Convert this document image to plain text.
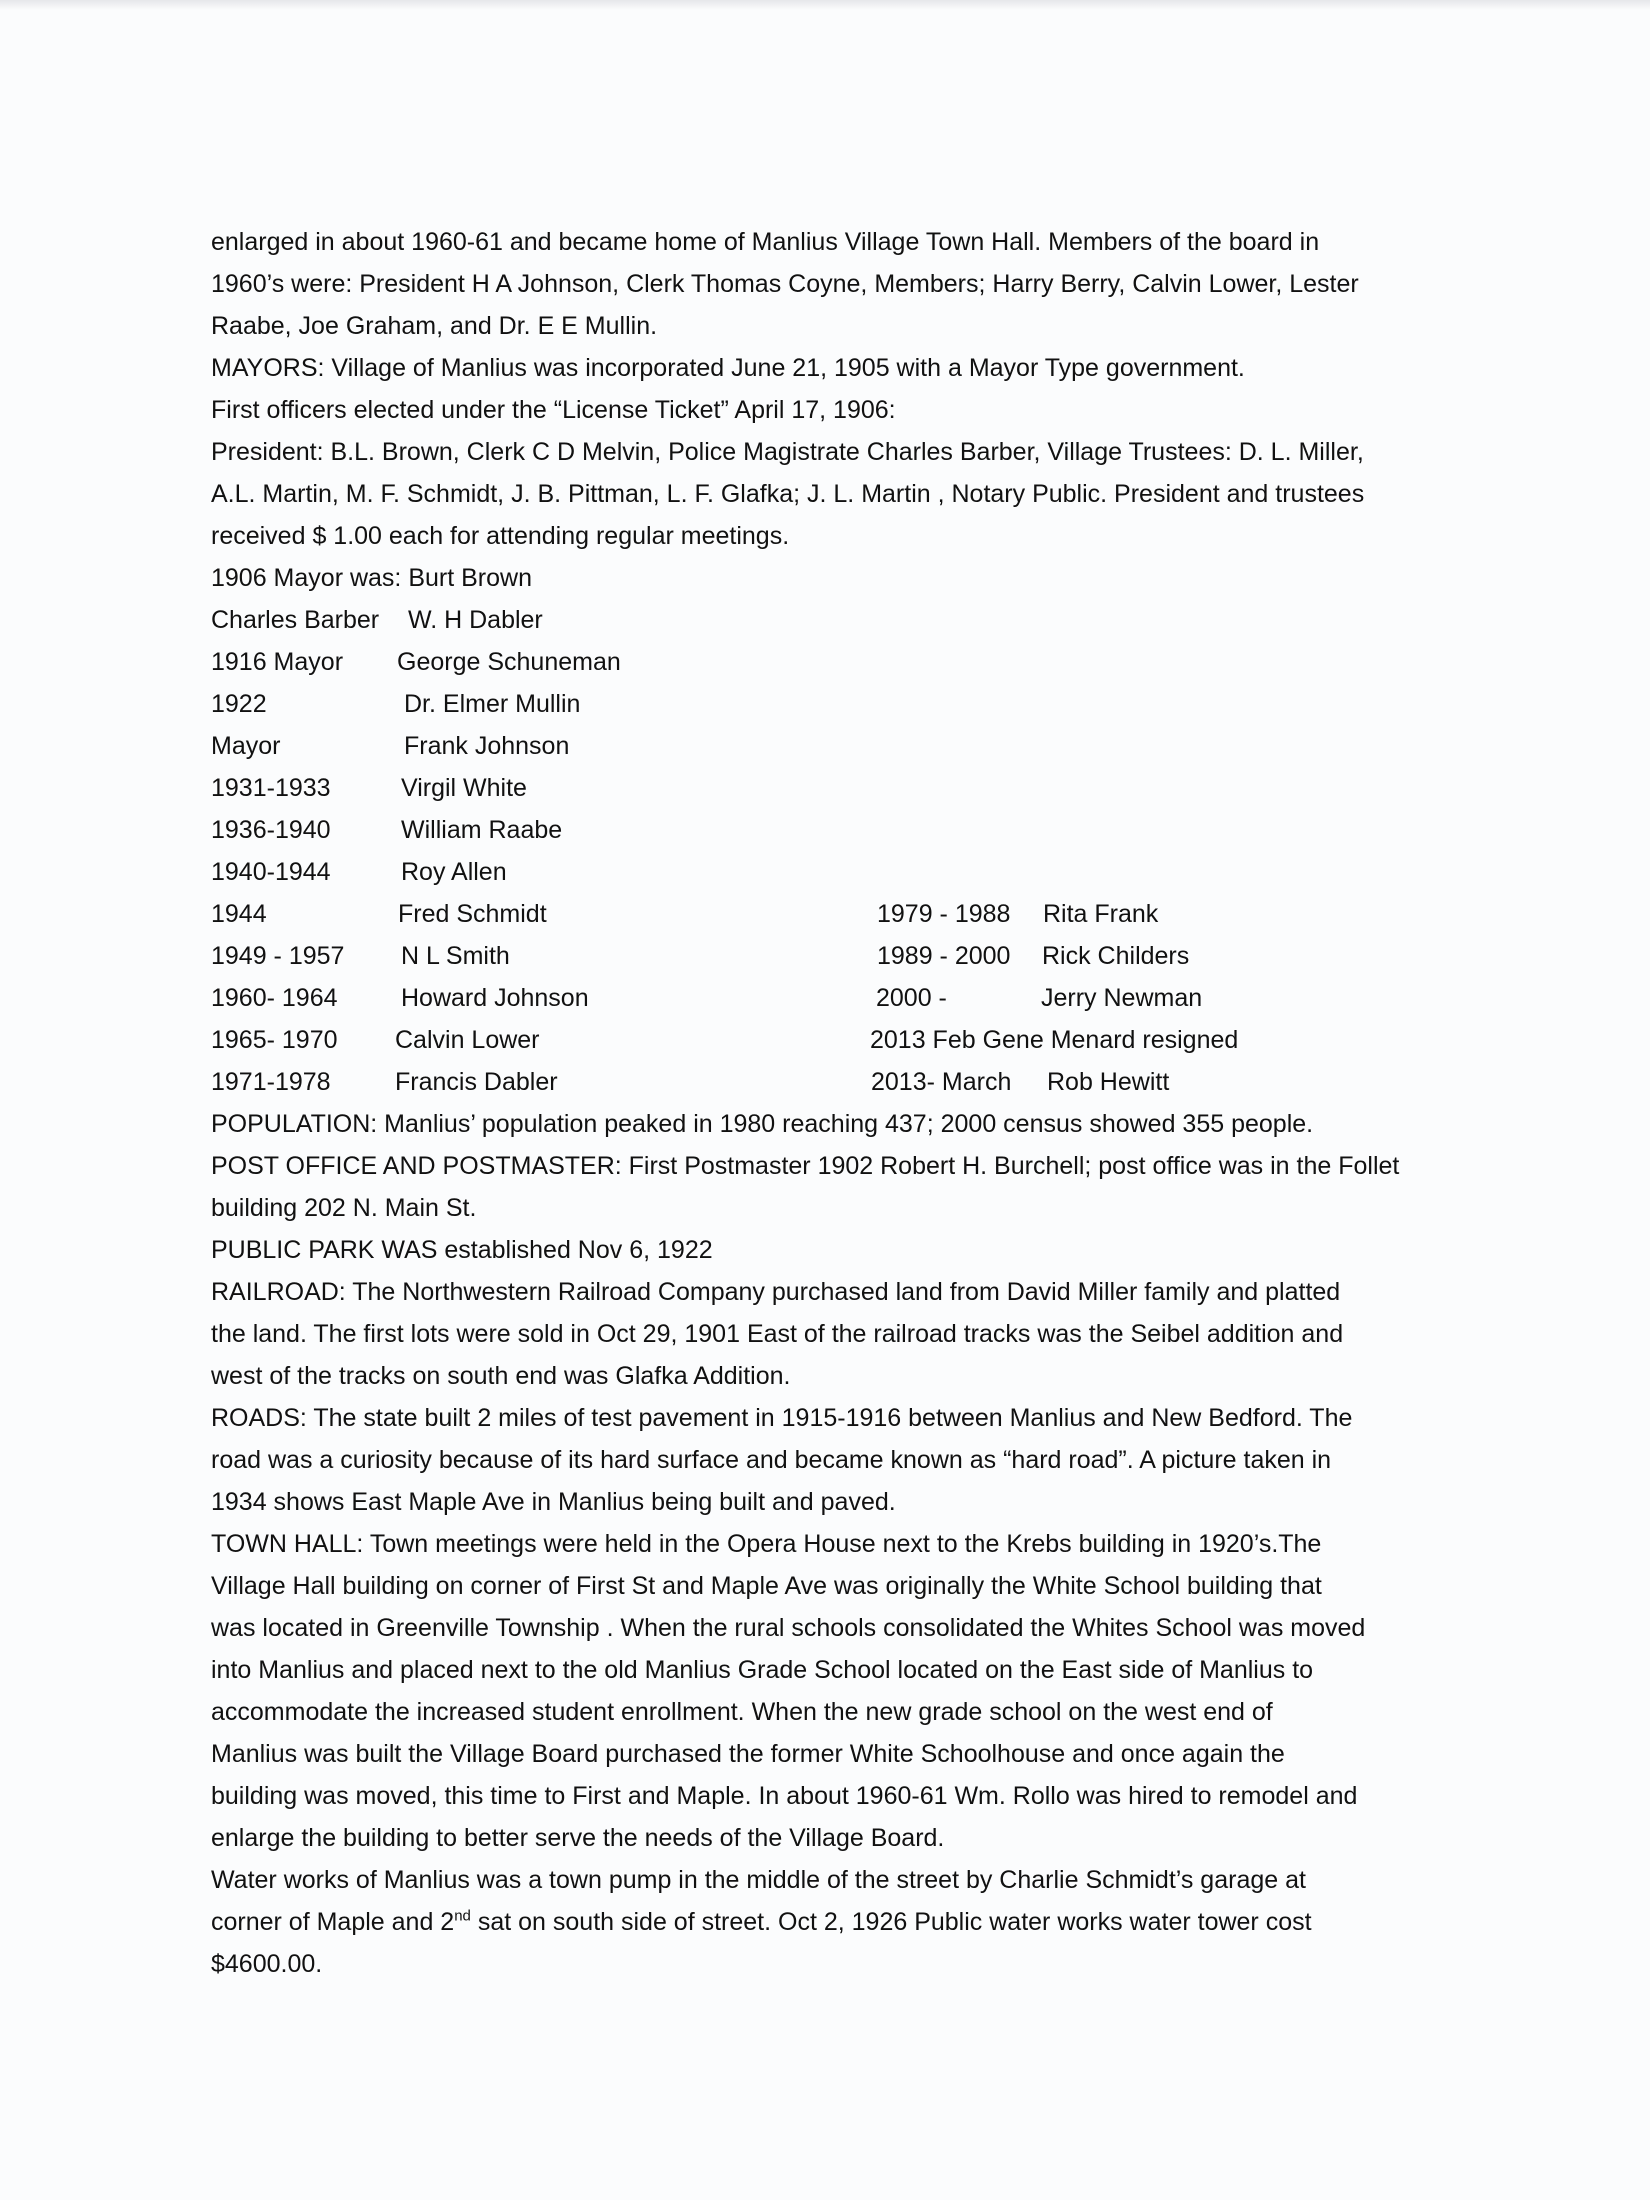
enlarged in about 1960-61 and became home of Manlius Village Town Hall. Members of the board in
1960’s were: President H A Johnson, Clerk Thomas Coyne, Members; Harry Berry, Calvin Lower, Lester
Raabe, Joe Graham, and Dr. E E Mullin.
MAYORS: Village of Manlius was incorporated June 21, 1905 with a Mayor Type government.
First officers elected under the “License Ticket” April 17, 1906:
President: B.L. Brown, Clerk C D Melvin, Police Magistrate Charles Barber, Village Trustees: D. L. Miller,
A.L. Martin, M. F. Schmidt, J. B. Pittman, L. F. Glafka; J. L. Martin , Notary Public. President and trustees
received $ 1.00 each for attending regular meetings.
1906 Mayor was: Burt Brown
Charles Barber W. H Dabler
1916 Mayor George Schuneman
1922	Dr. Elmer Mullin
Mayor	Frank Johnson
1931-1933	Virgil White
1936-1940	William Raabe
1940-1944	Roy Allen
1944	Fred Schmidt	1979 - 1988 Rita Frank
1949 - 1957 N L Smith	1989 - 2000 Rick Childers
1960- 1964	Howard Johnson	2000 -	Jerry Newman
1965- 1970 Calvin Lower	2013 Feb Gene Menard resigned
1971-1978	Francis Dabler	2013- March Rob Hewitt
POPULATION: Manlius’ population peaked in 1980 reaching 437; 2000 census showed 355 people.
POST OFFICE AND POSTMASTER: First Postmaster 1902 Robert H. Burchell; post office was in the Follet
building 202 N. Main St.
PUBLIC PARK WAS established Nov 6, 1922
RAILROAD: The Northwestern Railroad Company purchased land from David Miller family and platted
the land. The first lots were sold in Oct 29, 1901 East of the railroad tracks was the Seibel addition and
west of the tracks on south end was Glafka Addition.
ROADS: The state built 2 miles of test pavement in 1915-1916 between Manlius and New Bedford. The
road was a curiosity because of its hard surface and became known as “hard road”. A picture taken in
1934 shows East Maple Ave in Manlius being built and paved.
TOWN HALL: Town meetings were held in the Opera House next to the Krebs building in 1920’s.The
Village Hall building on corner of First St and Maple Ave was originally the White School building that
was located in Greenville Township . When the rural schools consolidated the Whites School was moved
into Manlius and placed next to the old Manlius Grade School located on the East side of Manlius to
accommodate the increased student enrollment. When the new grade school on the west end of
Manlius was built the Village Board purchased the former White Schoolhouse and once again the
building was moved, this time to First and Maple. In about 1960-61 Wm. Rollo was hired to remodel and
enlarge the building to better serve the needs of the Village Board.
Water works of Manlius was a town pump in the middle of the street by Charlie Schmidt’s garage at
corner of Maple and 2nd sat on south side of street. Oct 2, 1926 Public water works water tower cost
$4600.00.
